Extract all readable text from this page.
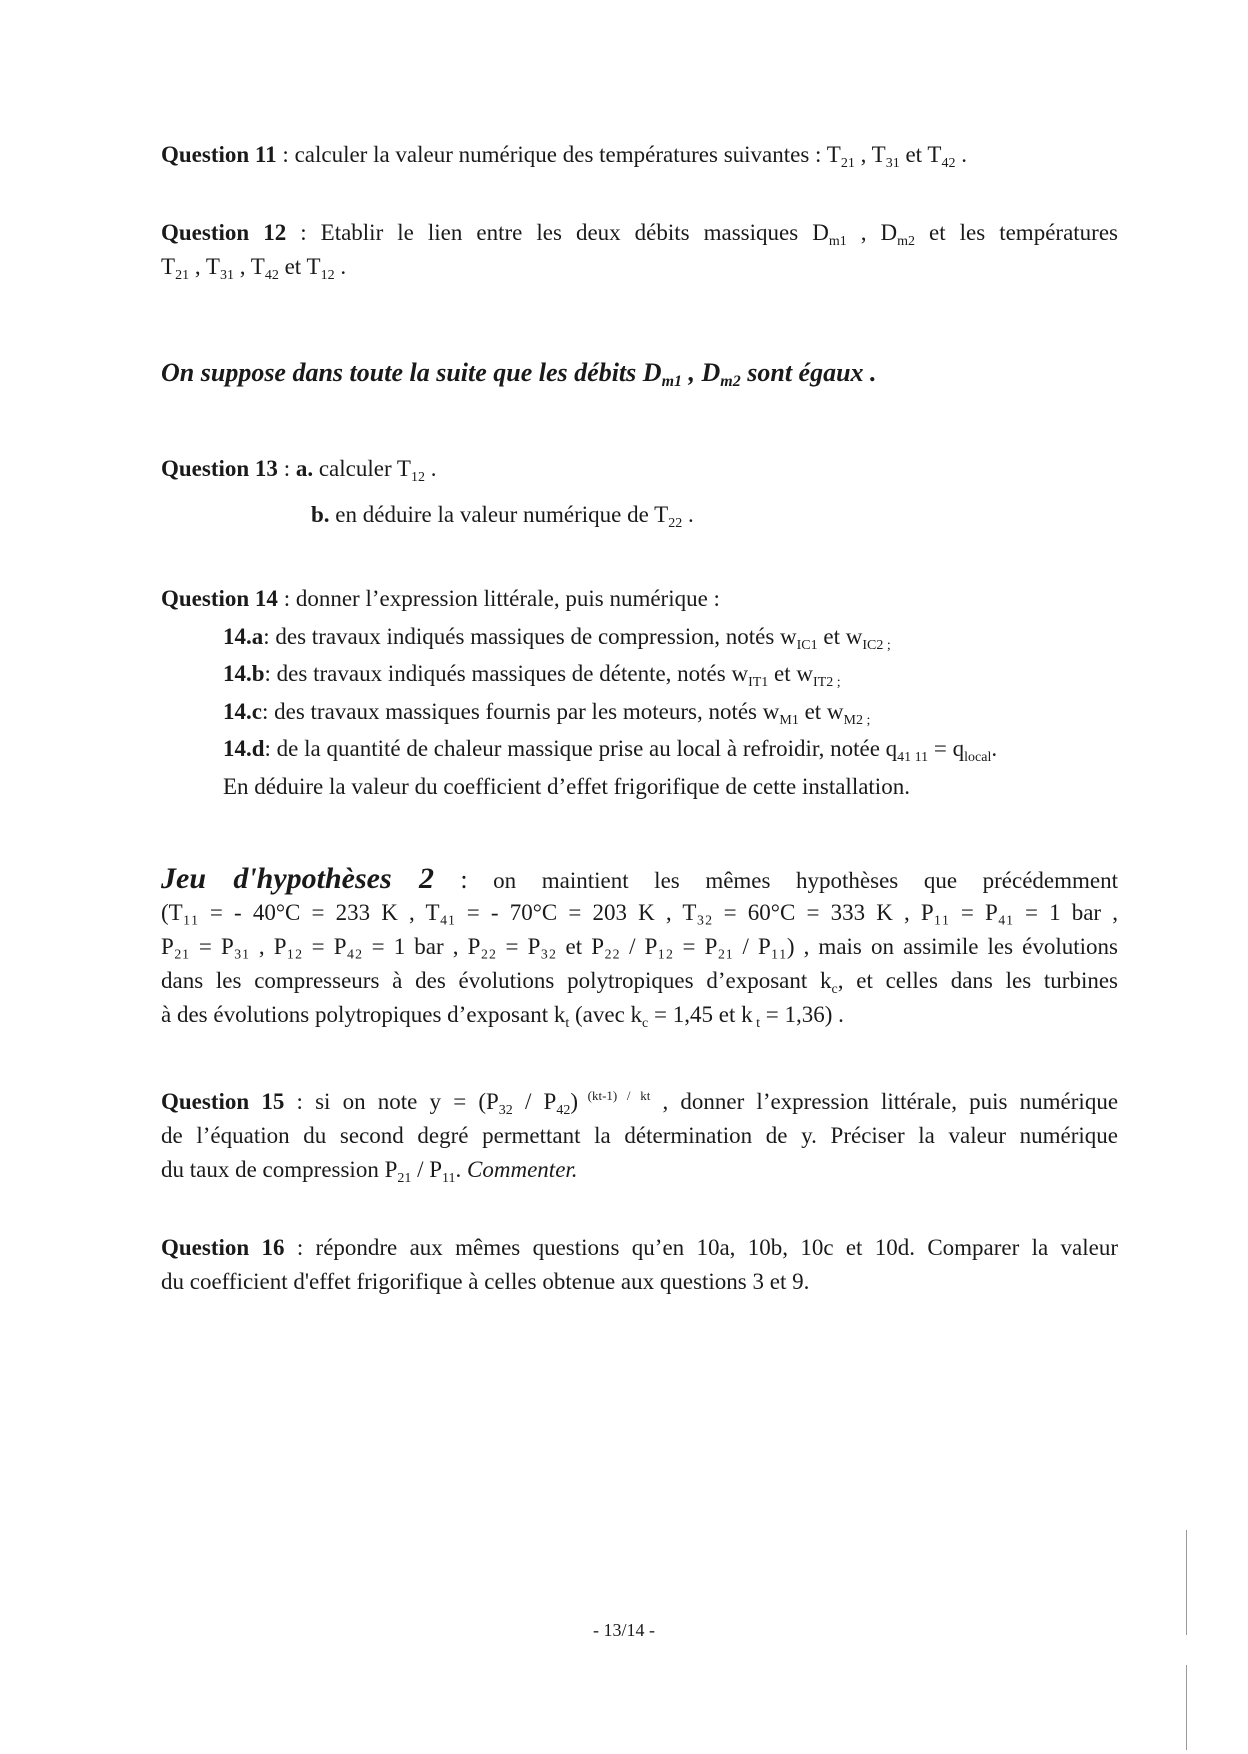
Question 11 : calculer la valeur numérique des températures suivantes : $T_{21}$ , $T_{31}$ et $T_{42}$ .
Question 12 : Etablir le lien entre les deux débits massiques $D_{m1}$ , $D_{m2}$ et les températures
$T_{21}$ , $T_{31}$ , $T_{42}$ et $T_{12}$ .
On suppose dans toute la suite que les débits $D_{m1}$ , $D_{m2}$ sont égaux .
Question 13 : a. calculer $T_{12}$ .
b. en déduire la valeur numérique de $T_{22}$ .
Question 14 : donner l’expression littérale, puis numérique :
14.a: des travaux indiqués massiques de compression, notés $w_{IC1}$ et $w_{IC2 ;}$
14.b: des travaux indiqués massiques de détente, notés $w_{IT1}$ et $w_{IT2 ;}$
14.c: des travaux massiques fournis par les moteurs, notés $w_{M1}$ et $w_{M2 ;}$
14.d: de la quantité de chaleur massique prise au local à refroidir, notée $q_{41 11} = q_{local}$.
En déduire la valeur du coefficient d’effet frigorifique de cette installation.
Jeu d'hypothèses 2 : on maintient les mêmes hypothèses que précédemment
(T₁₁ = - 40°C = 233 K , T₄₁ = - 70°C = 203 K , T₃₂ = 60°C = 333 K , P₁₁ = P₄₁ = 1 bar ,
P₂₁ = P₃₁ , P₁₂ = P₄₂ = 1 bar , P₂₂ = P₃₂ et P₂₂ / P₁₂ = P₂₁ / P₁₁) , mais on assimile les évolutions
dans les compresseurs à des évolutions polytropiques d’exposant $k_c$, et celles dans les turbines
à des évolutions polytropiques d’exposant $k_t$ (avec $k_c = 1,45$ et k $_t$ = 1,36) .
Question 15 : si on note $y = (P_{32} / P_{42})$ $^{(kt-1) / kt}$ , donner l’expression littérale, puis numérique
de l’équation du second degré permettant la détermination de y. Préciser la valeur numérique
du taux de compression $P_{21} / P_{11}$. Commenter.
Question 16 : répondre aux mêmes questions qu’en 10a, 10b, 10c et 10d. Comparer la valeur
du coefficient d'effet frigorifique à celles obtenue aux questions 3 et 9.
- 13/14 -
